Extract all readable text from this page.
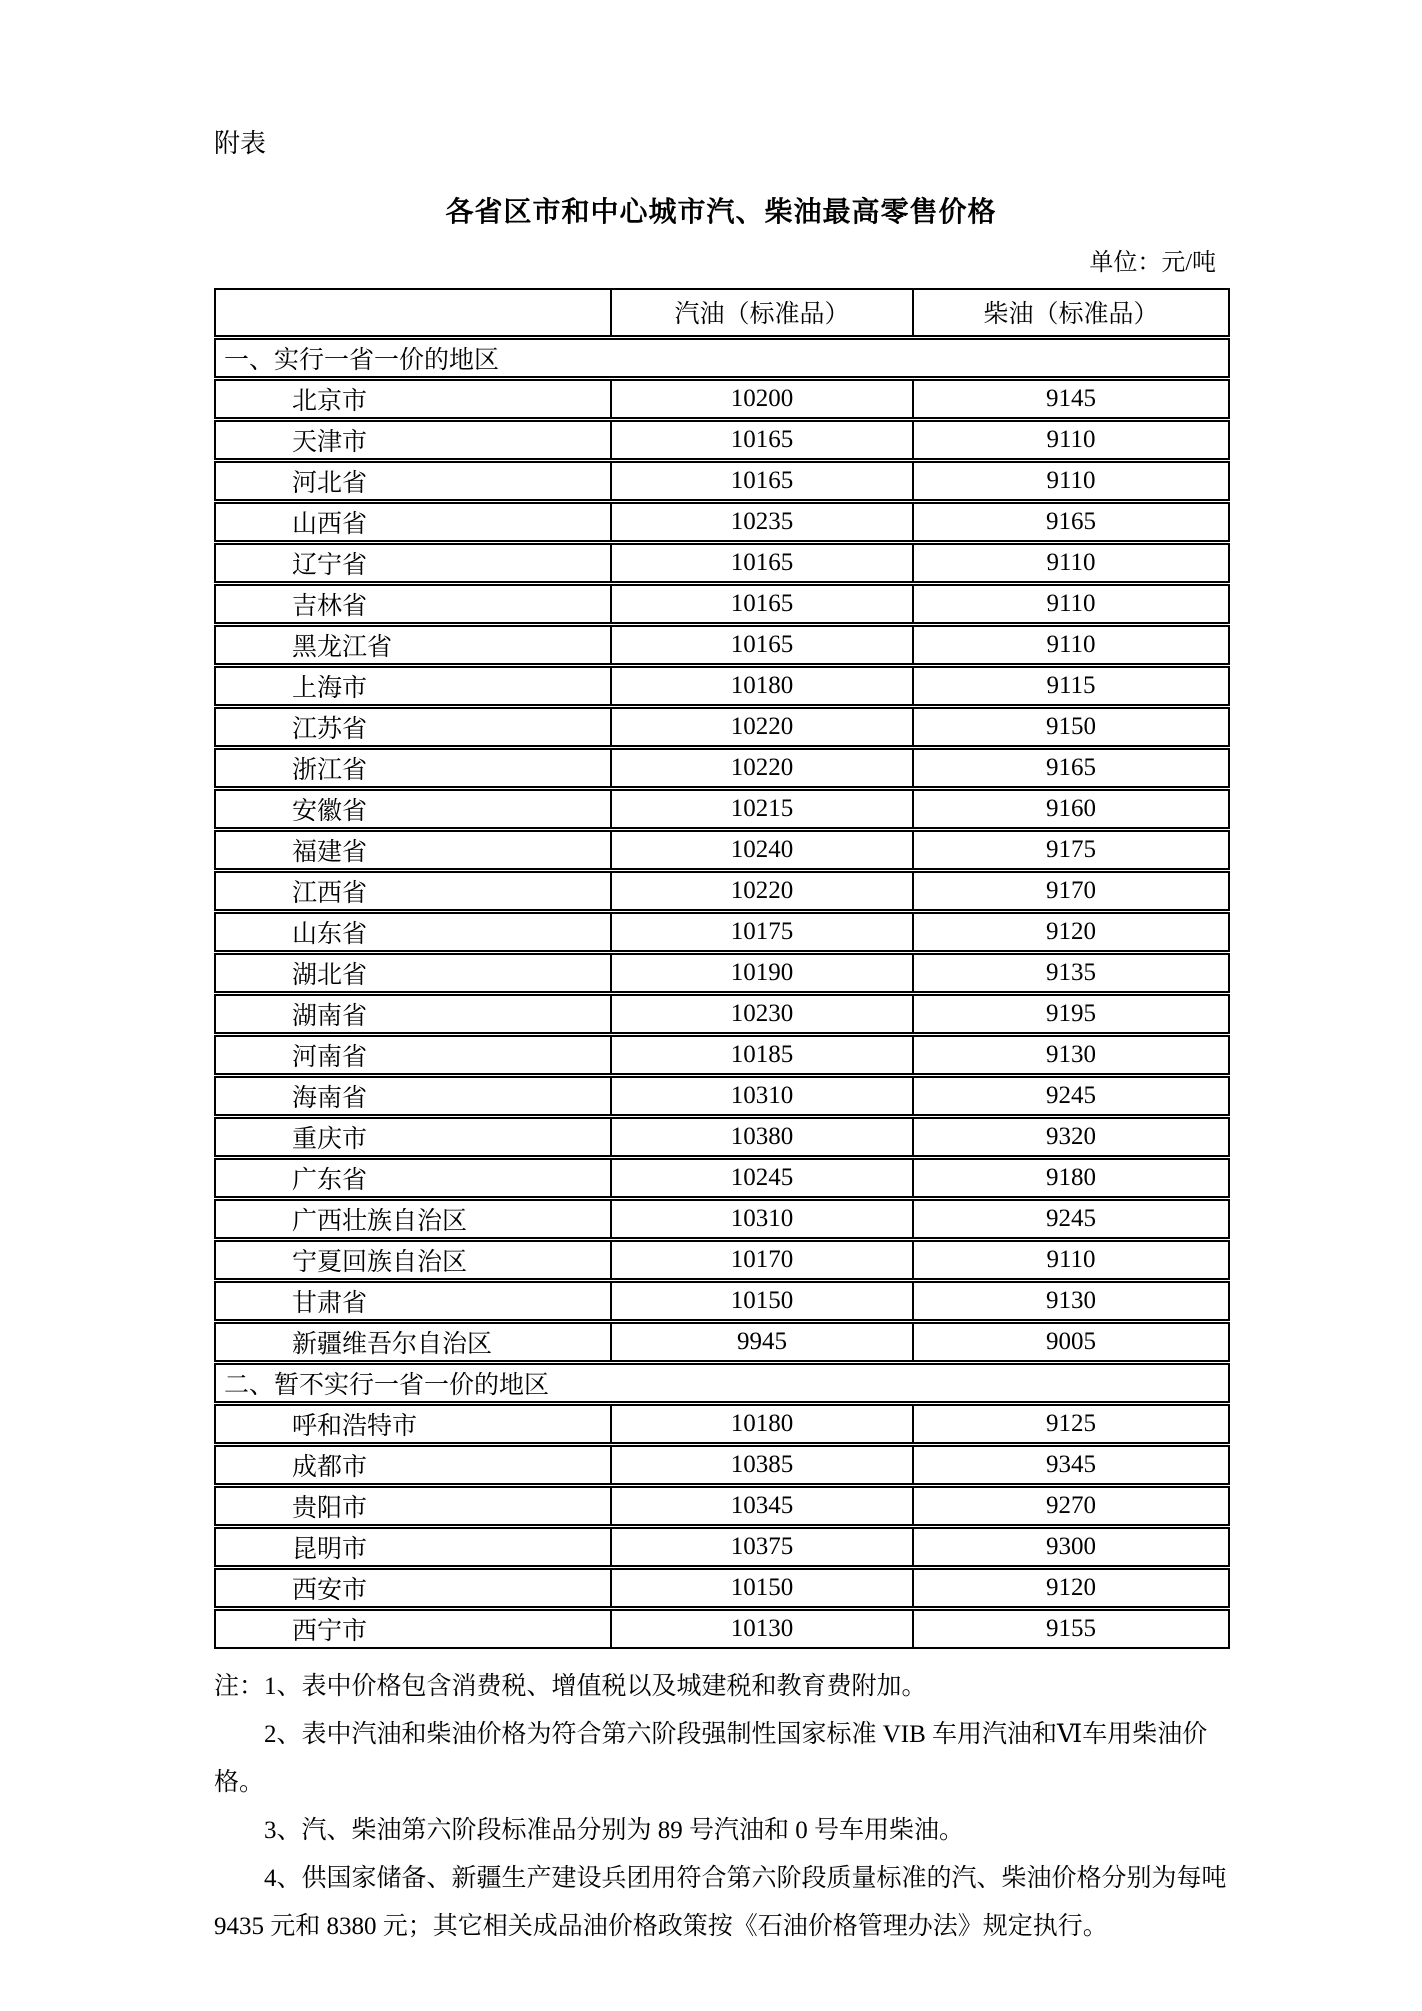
附表
各省区市和中心城市汽、柴油最高零售价格
单位：元/吨
	汽油（标准品）	柴油（标准品）
一、实行一省一价的地区		
北京市	10200	9145
天津市	10165	9110
河北省	10165	9110
山西省	10235	9165
辽宁省	10165	9110
吉林省	10165	9110
黑龙江省	10165	9110
上海市	10180	9115
江苏省	10220	9150
浙江省	10220	9165
安徽省	10215	9160
福建省	10240	9175
江西省	10220	9170
山东省	10175	9120
湖北省	10190	9135
湖南省	10230	9195
河南省	10185	9130
海南省	10310	9245
重庆市	10380	9320
广东省	10245	9180
广西壮族自治区	10310	9245
宁夏回族自治区	10170	9110
甘肃省	10150	9130
新疆维吾尔自治区	9945	9005
二、暂不实行一省一价的地区		
呼和浩特市	10180	9125
成都市	10385	9345
贵阳市	10345	9270
昆明市	10375	9300
西安市	10150	9120
西宁市	10130	9155

注：1、表中价格包含消费税、增值税以及城建税和教育费附加。

2、表中汽油和柴油价格为符合第六阶段强制性国家标准 VIB 车用汽油和Ⅵ车用柴油价格。

3、汽、柴油第六阶段标准品分别为 89 号汽油和 0 号车用柴油。

4、供国家储备、新疆生产建设兵团用符合第六阶段质量标准的汽、柴油价格分别为每吨 9435 元和 8380 元；其它相关成品油价格政策按《石油价格管理办法》规定执行。
